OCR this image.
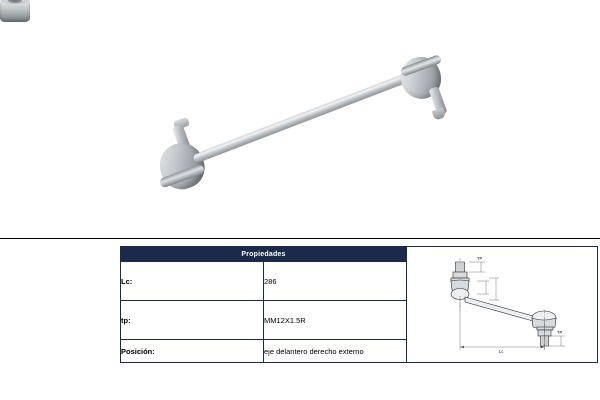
Propiedades		TP
TP
Lc

Lc:	286	
tp:	MM12X1.5R	
Posición:	eje delantero derecho externo	
